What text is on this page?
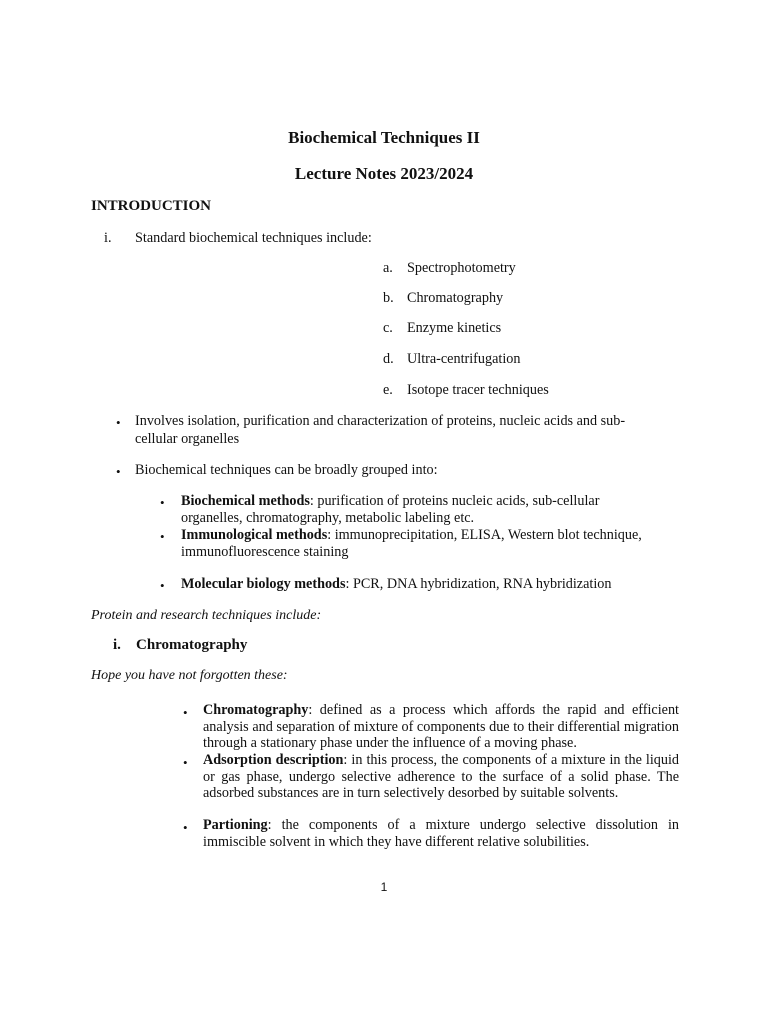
Biochemical Techniques II
Lecture Notes 2023/2024
INTRODUCTION
i. Standard biochemical techniques include:
a. Spectrophotometry
b. Chromatography
c. Enzyme kinetics
d. Ultra-centrifugation
e. Isotope tracer techniques
• Involves isolation, purification and characterization of proteins, nucleic acids and sub-
cellular organelles
• Biochemical techniques can be broadly grouped into:
• Biochemical methods: purification of proteins nucleic acids, sub-cellular
organelles, chromatography, metabolic labeling etc.
• Immunological methods: immunoprecipitation, ELISA, Western blot technique,
immunofluorescence staining
• Molecular biology methods: PCR, DNA hybridization, RNA hybridization
Protein and research techniques include:
i. Chromatography
Hope you have not forgotten these:
• Chromatography: defined as a process which affords the rapid and efficient analysis and separation of mixture of components due to their differential migration through a stationary phase under the influence of a moving phase.
• Adsorption description: in this process, the components of a mixture in the liquid or gas phase, undergo selective adherence to the surface of a solid phase. The adsorbed substances are in turn selectively desorbed by suitable solvents.
• Partioning: the components of a mixture undergo selective dissolution in immiscible solvent in which they have different relative solubilities.
1
